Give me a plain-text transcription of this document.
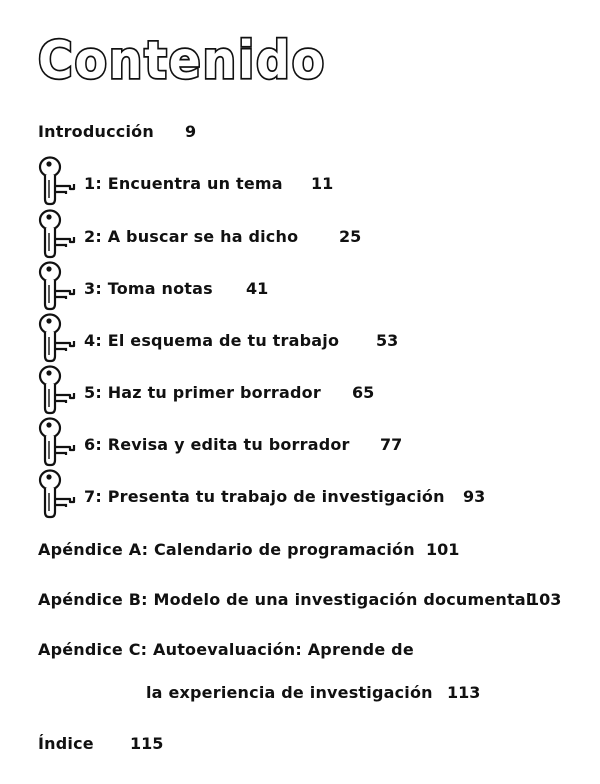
Contenido
Introducción 9
1: Encuentra un tema 11
2: A buscar se ha dicho	25
3: Toma notas 41
4: El esquema de tu trabajo 53
5: Haz tu primer borrador 65
6: Revisa y edita tu borrador 77
7: Presenta tu trabajo de investigación 93
Apéndice A: Calendario de programación 101
Apéndice B: Modelo de una investigación documental
103
Apéndice C: Autoevaluación: Aprende de
la experiencia de investigación 113
Índice 115
